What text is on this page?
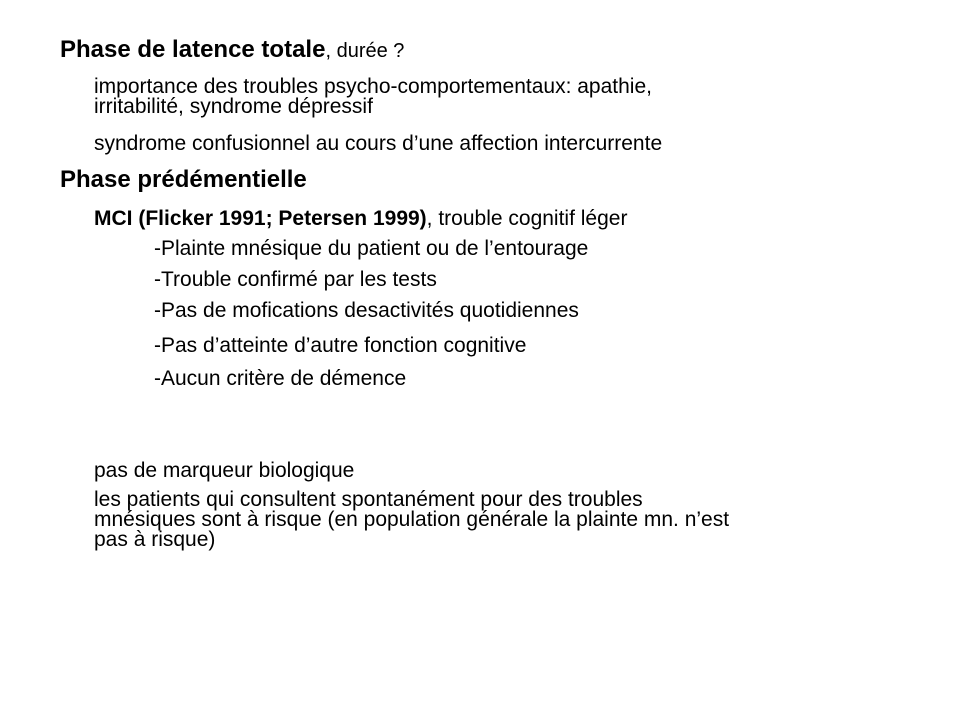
Phase de latence totale, durée ?
importance des troubles psycho-comportementaux: apathie,
irritabilité, syndrome dépressif
syndrome confusionnel au cours d’une affection intercurrente
Phase prédémentielle
MCI (Flicker 1991; Petersen 1999), trouble cognitif léger
-Plainte mnésique du patient ou de l’entourage
-Trouble confirmé par les tests
-Pas de mofications desactivités quotidiennes
-Pas d’atteinte d’autre fonction cognitive
-Aucun critère de démence
pas de marqueur biologique
les patients qui consultent spontanément pour des troubles
mnésiques sont à risque (en population générale la plainte mn. n’est
pas à risque)
